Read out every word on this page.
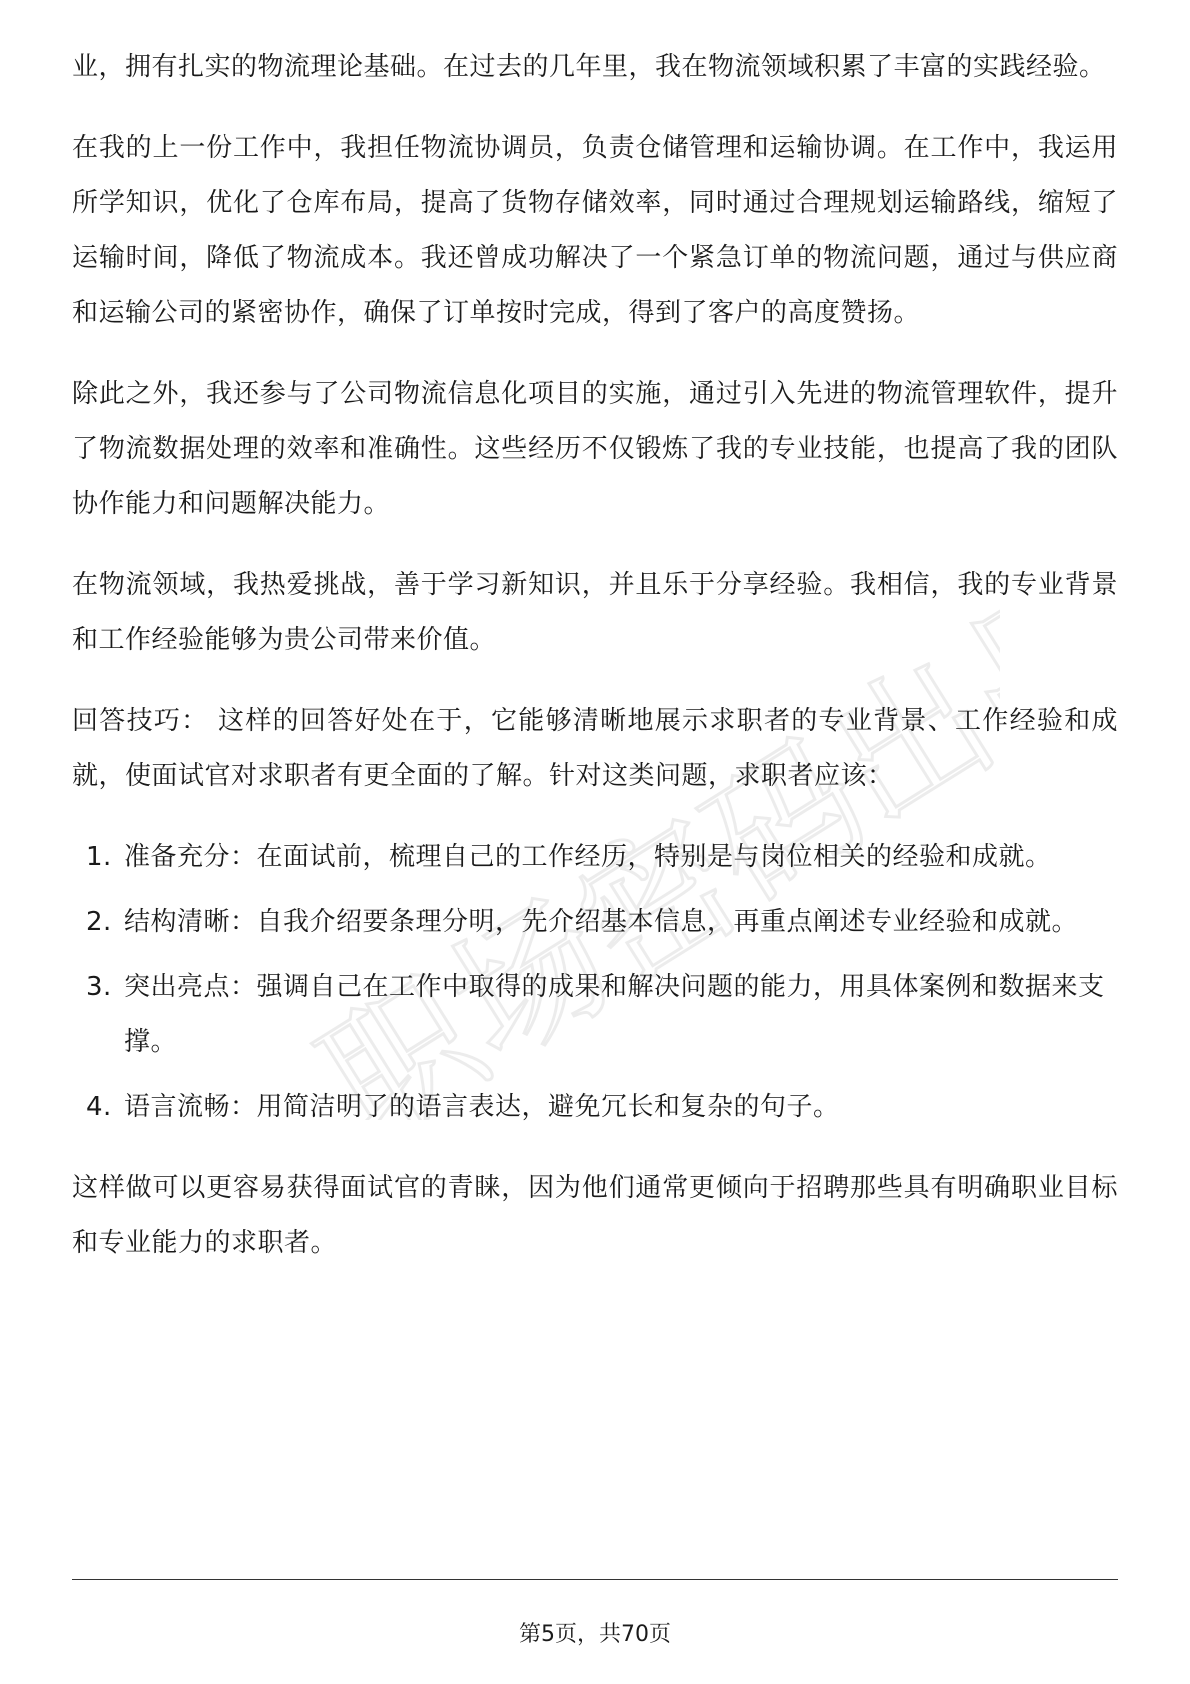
职场密码出品

业，拥有扎实的物流理论基础。在过去的几年里，我在物流领域积累了丰富的实践经验。

在我的上一份工作中，我担任物流协调员，负责仓储管理和运输协调。在工作中，我运用所学知识，优化了仓库布局，提高了货物存储效率，同时通过合理规划运输路线，缩短了运输时间，降低了物流成本。我还曾成功解决了一个紧急订单的物流问题，通过与供应商和运输公司的紧密协作，确保了订单按时完成，得到了客户的高度赞扬。

除此之外，我还参与了公司物流信息化项目的实施，通过引入先进的物流管理软件，提升了物流数据处理的效率和准确性。这些经历不仅锻炼了我的专业技能，也提高了我的团队协作能力和问题解决能力。

在物流领域，我热爱挑战，善于学习新知识，并且乐于分享经验。我相信，我的专业背景和工作经验能够为贵公司带来价值。

回答技巧： 这样的回答好处在于，它能够清晰地展示求职者的专业背景、工作经验和成就，使面试官对求职者有更全面的了解。针对这类问题，求职者应该：

1. 准备充分：在面试前，梳理自己的工作经历，特别是与岗位相关的经验和成就。
2. 结构清晰：自我介绍要条理分明，先介绍基本信息，再重点阐述专业经验和成就。
3. 突出亮点：强调自己在工作中取得的成果和解决问题的能力，用具体案例和数据来支撑。
4. 语言流畅：用简洁明了的语言表达，避免冗长和复杂的句子。

这样做可以更容易获得面试官的青睐，因为他们通常更倾向于招聘那些具有明确职业目标和专业能力的求职者。

第5页，共70页
